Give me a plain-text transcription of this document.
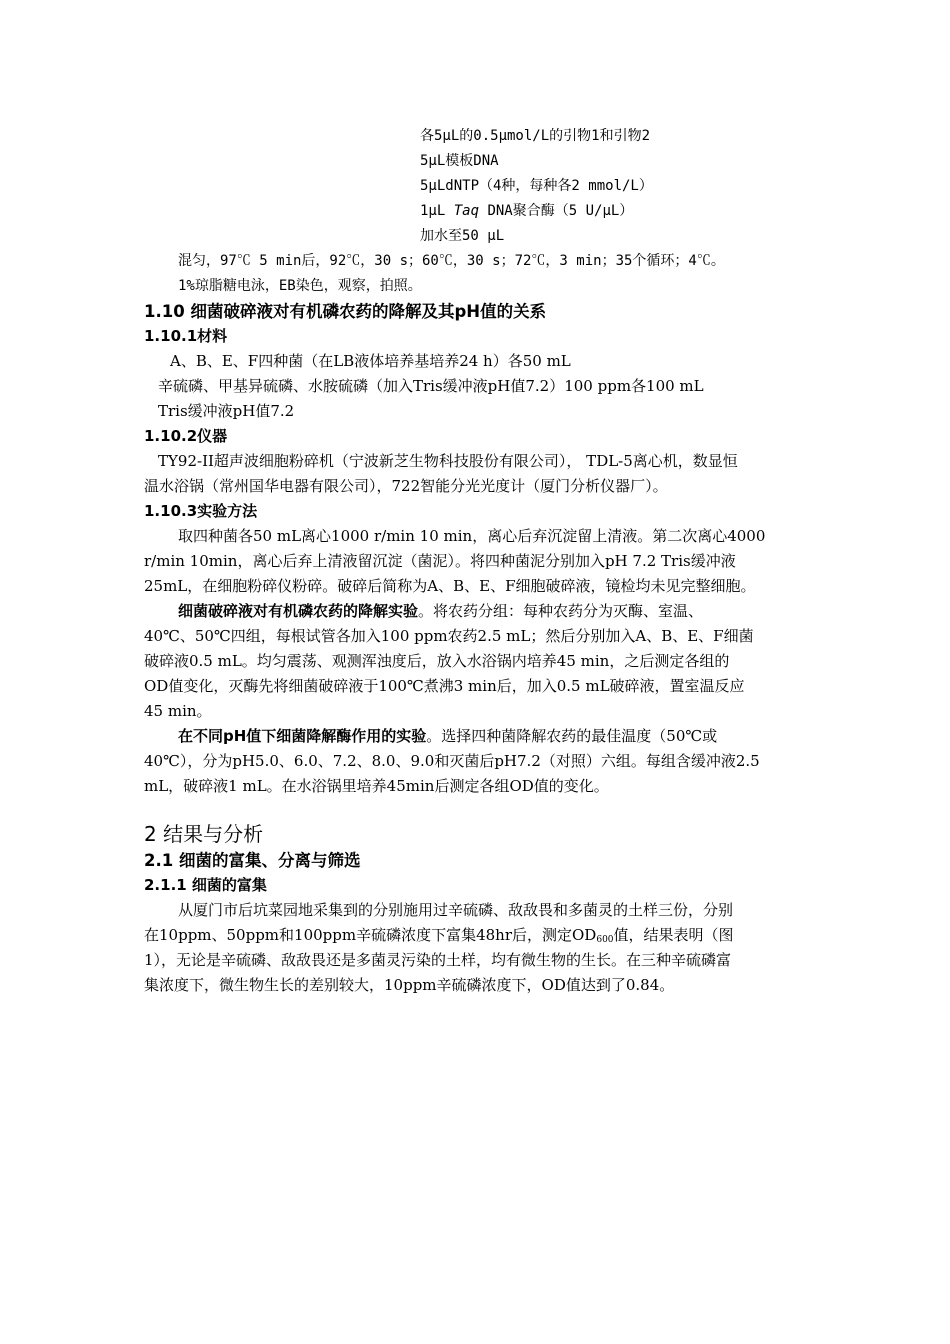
各5μL的0.5μmol/L的引物1和引物2
5μL模板DNA
5μLdNTP（4种，每种各2 mmol/L）
1μL Taq DNA聚合酶（5 U/μL）
加水至50 μL
混匀，97℃ 5 min后，92℃，30 s；60℃，30 s；72℃，3 min；35个循环；4℃。
1%琼脂糖电泳，EB染色，观察，拍照。
1.10 细菌破碎液对有机磷农药的降解及其pH值的关系
1.10.1材料
A、B、E、F四种菌（在LB液体培养基培养24 h）各50 mL
辛硫磷、甲基异硫磷、水胺硫磷（加入Tris缓冲液pH值7.2）100 ppm各100 mL
Tris缓冲液pH值7.2
1.10.2仪器
TY92-II超声波细胞粉碎机（宁波新芝生物科技股份有限公司）， TDL-5离心机，数显恒
温水浴锅（常州国华电器有限公司），722智能分光光度计（厦门分析仪器厂）。
1.10.3实验方法
取四种菌各50 mL离心1000 r/min 10 min，离心后弃沉淀留上清液。第二次离心4000
r/min 10min，离心后弃上清液留沉淀（菌泥）。将四种菌泥分别加入pH 7.2 Tris缓冲液
25mL，在细胞粉碎仪粉碎。破碎后简称为A、B、E、F细胞破碎液，镜检均未见完整细胞。
细菌破碎液对有机磷农药的降解实验。将农药分组：每种农药分为灭酶、室温、
40℃、50℃四组，每根试管各加入100 ppm农药2.5 mL；然后分别加入A、B、E、F细菌
破碎液0.5 mL。均匀震荡、观测浑浊度后，放入水浴锅内培养45 min，之后测定各组的
OD值变化，灭酶先将细菌破碎液于100℃煮沸3 min后，加入0.5 mL破碎液，置室温反应
45 min。
在不同pH值下细菌降解酶作用的实验。选择四种菌降解农药的最佳温度（50℃或
40℃），分为pH5.0、6.0、7.2、8.0、9.0和灭菌后pH7.2（对照）六组。每组含缓冲液2.5
mL，破碎液1 mL。在水浴锅里培养45min后测定各组OD值的变化。
2 结果与分析
2.1 细菌的富集、分离与筛选
2.1.1 细菌的富集
从厦门市后坑菜园地采集到的分别施用过辛硫磷、敌敌畏和多菌灵的土样三份，分别
在10ppm、50ppm和100ppm辛硫磷浓度下富集48hr后，测定$OD_{600}$值，结果表明（图
1），无论是辛硫磷、敌敌畏还是多菌灵污染的土样，均有微生物的生长。在三种辛硫磷富
集浓度下，微生物生长的差别较大，10ppm辛硫磷浓度下，OD值达到了0.84。
